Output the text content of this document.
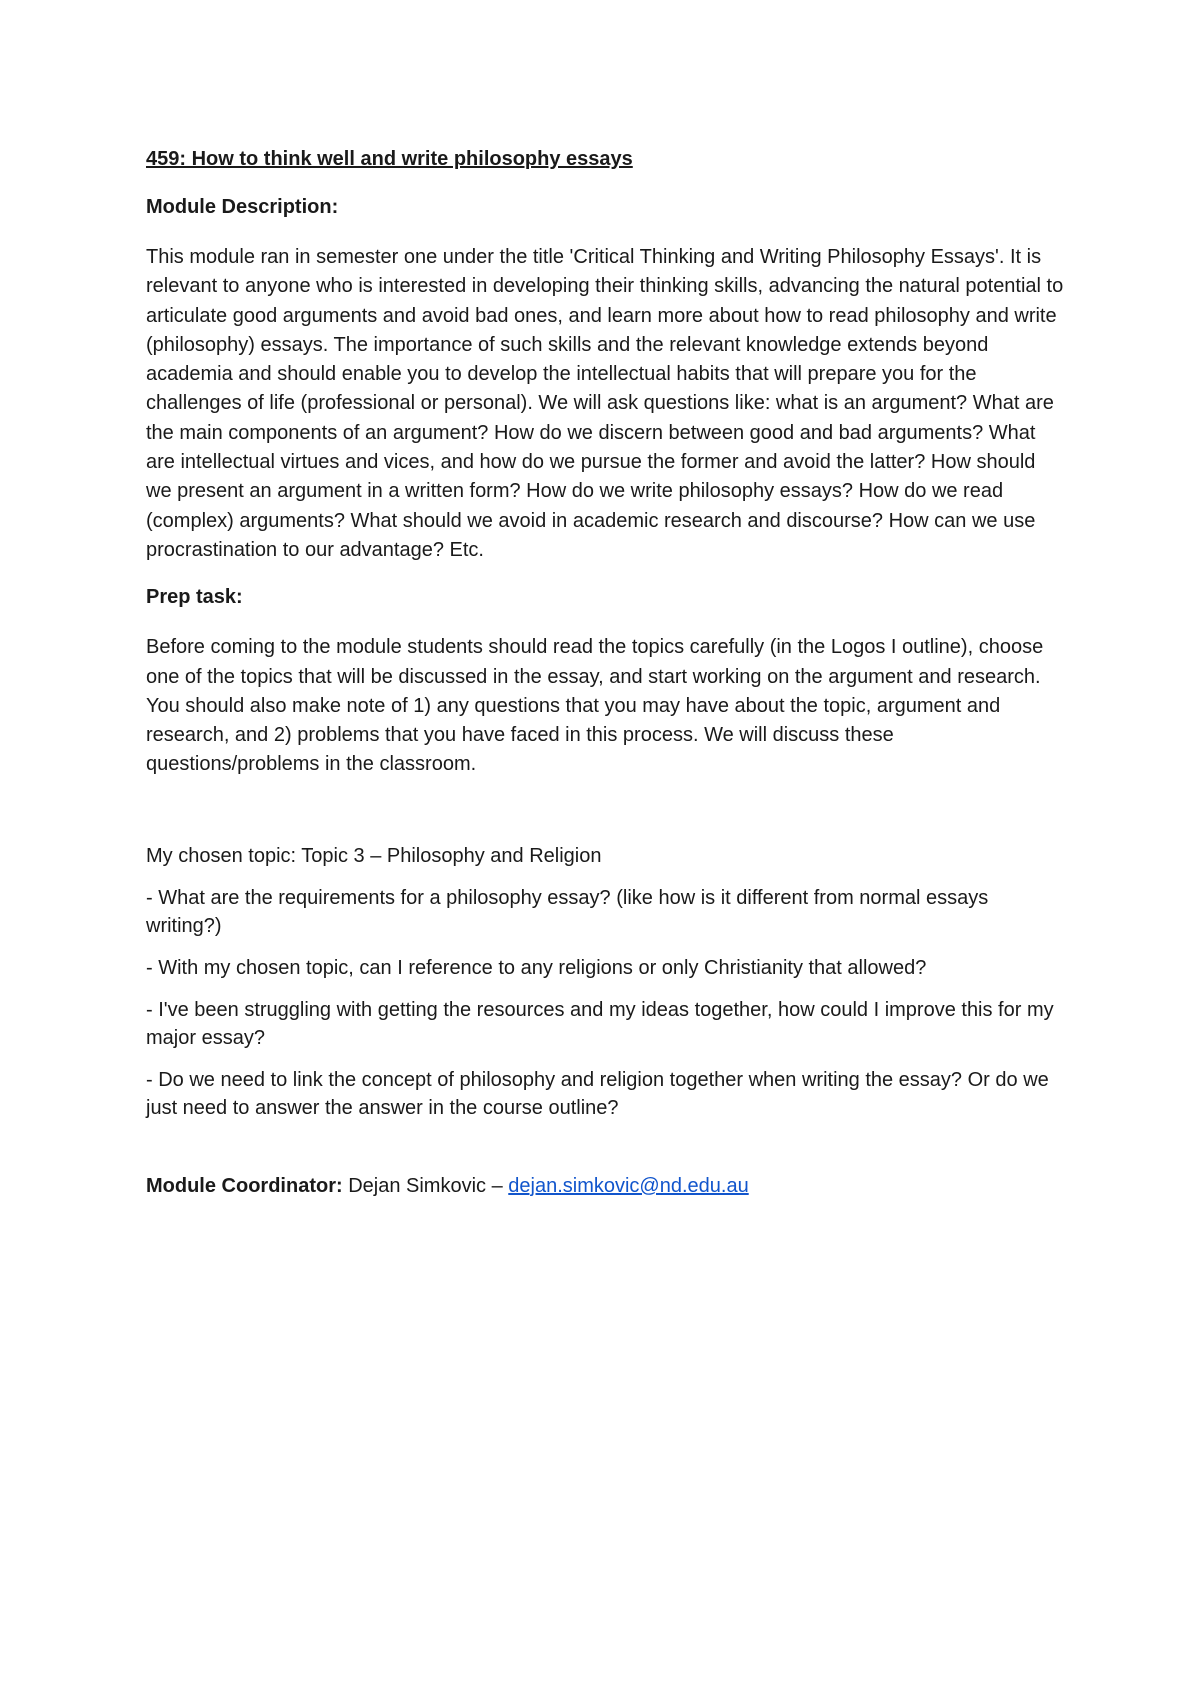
459: How to think well and write philosophy essays
Module Description:

This module ran in semester one under the title 'Critical Thinking and Writing Philosophy Essays'. It is relevant to anyone who is interested in developing their thinking skills, advancing the natural potential to articulate good arguments and avoid bad ones, and learn more about how to read philosophy and write (philosophy) essays. The importance of such skills and the relevant knowledge extends beyond academia and should enable you to develop the intellectual habits that will prepare you for the challenges of life (professional or personal). We will ask questions like: what is an argument? What are the main components of an argument? How do we discern between good and bad arguments? What are intellectual virtues and vices, and how do we pursue the former and avoid the latter? How should we present an argument in a written form? How do we write philosophy essays? How do we read (complex) arguments? What should we avoid in academic research and discourse? How can we use procrastination to our advantage? Etc.

Prep task:

Before coming to the module students should read the topics carefully (in the Logos I outline), choose one of the topics that will be discussed in the essay, and start working on the argument and research. You should also make note of 1) any questions that you may have about the topic, argument and research, and 2) problems that you have faced in this process. We will discuss these questions/problems in the classroom.

My chosen topic: Topic 3 – Philosophy and Religion

- What are the requirements for a philosophy essay? (like how is it different from normal essays writing?)

- With my chosen topic, can I reference to any religions or only Christianity that allowed?

- I've been struggling with getting the resources and my ideas together, how could I improve this for my major essay?

- Do we need to link the concept of philosophy and religion together when writing the essay? Or do we just need to answer the answer in the course outline?

Module Coordinator: Dejan Simkovic – dejan.simkovic@nd.edu.au
